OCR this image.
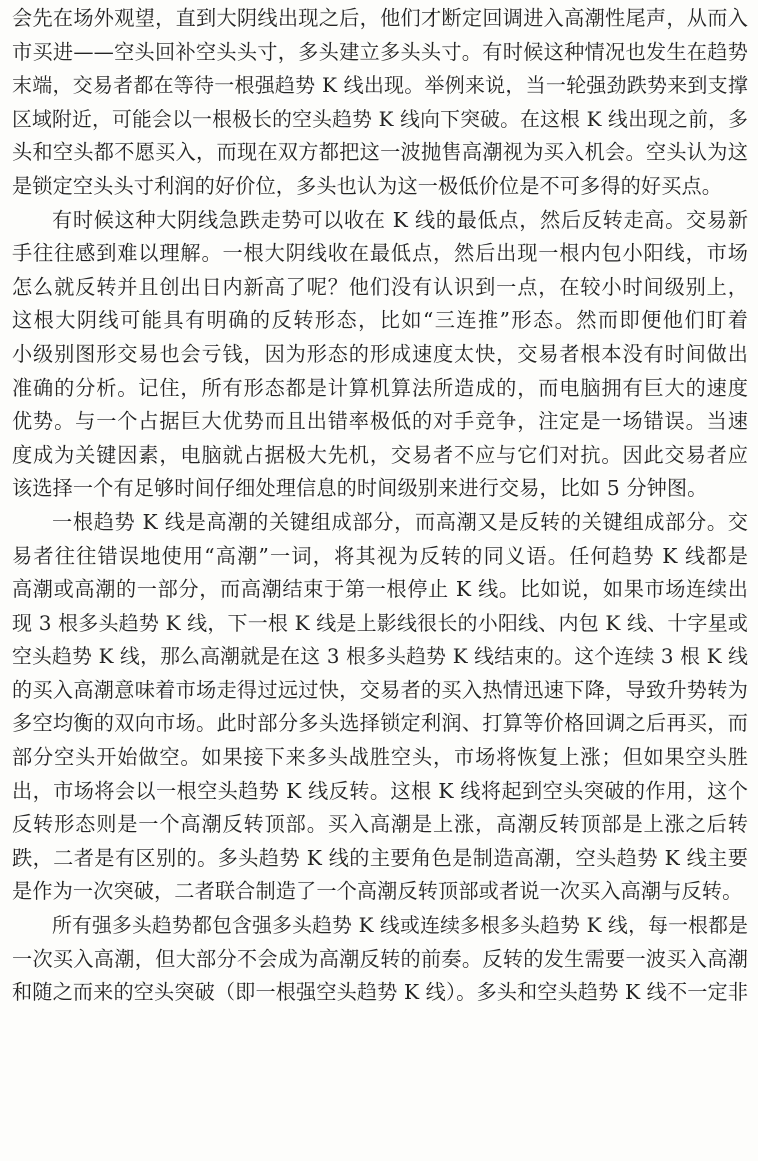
会先在场外观望，直到大阴线出现之后，他们才断定回调进入高潮性尾声，从而入
市买进——空头回补空头头寸，多头建立多头头寸。有时候这种情况也发生在趋势
末端，交易者都在等待一根强趋势 K 线出现。举例来说，当一轮强劲跌势来到支撑
区域附近，可能会以一根极长的空头趋势 K 线向下突破。在这根 K 线出现之前，多
头和空头都不愿买入，而现在双方都把这一波抛售高潮视为买入机会。空头认为这
是锁定空头头寸利润的好价位，多头也认为这一极低价位是不可多得的好买点。
有时候这种大阴线急跌走势可以收在 K 线的最低点，然后反转走高。交易新
手往往感到难以理解。一根大阴线收在最低点，然后出现一根内包小阳线，市场
怎么就反转并且创出日内新高了呢？他们没有认识到一点，在较小时间级别上，
这根大阴线可能具有明确的反转形态，比如“三连推”形态。然而即便他们盯着
小级别图形交易也会亏钱，因为形态的形成速度太快，交易者根本没有时间做出
准确的分析。记住，所有形态都是计算机算法所造成的，而电脑拥有巨大的速度
优势。与一个占据巨大优势而且出错率极低的对手竞争，注定是一场错误。当速
度成为关键因素，电脑就占据极大先机，交易者不应与它们对抗。因此交易者应
该选择一个有足够时间仔细处理信息的时间级别来进行交易，比如 5 分钟图。
一根趋势 K 线是高潮的关键组成部分，而高潮又是反转的关键组成部分。交
易者往往错误地使用“高潮”一词，将其视为反转的同义语。任何趋势 K 线都是
高潮或高潮的一部分，而高潮结束于第一根停止 K 线。比如说，如果市场连续出
现 3 根多头趋势 K 线，下一根 K 线是上影线很长的小阳线、内包 K 线、十字星或
空头趋势 K 线，那么高潮就是在这 3 根多头趋势 K 线结束的。这个连续 3 根 K 线
的买入高潮意味着市场走得过远过快，交易者的买入热情迅速下降，导致升势转为
多空均衡的双向市场。此时部分多头选择锁定利润、打算等价格回调之后再买，而
部分空头开始做空。如果接下来多头战胜空头，市场将恢复上涨；但如果空头胜
出，市场将会以一根空头趋势 K 线反转。这根 K 线将起到空头突破的作用，这个
反转形态则是一个高潮反转顶部。买入高潮是上涨，高潮反转顶部是上涨之后转
跌，二者是有区别的。多头趋势 K 线的主要角色是制造高潮，空头趋势 K 线主要
是作为一次突破，二者联合制造了一个高潮反转顶部或者说一次买入高潮与反转。
所有强多头趋势都包含强多头趋势 K 线或连续多根多头趋势 K 线，每一根都是
一次买入高潮，但大部分不会成为高潮反转的前奏。反转的发生需要一波买入高潮
和随之而来的空头突破（即一根强空头趋势 K 线）。多头和空头趋势 K 线不一定非
